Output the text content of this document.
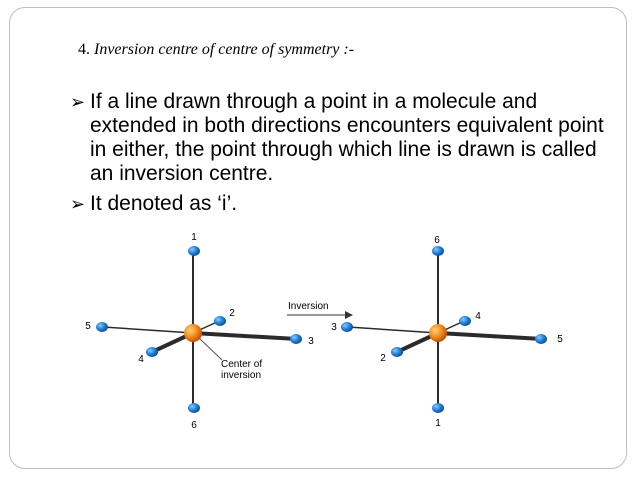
4. Inversion centre of centre of symmetry :-
➢ If a line drawn through a point in a molecule and extended in both directions encounters equivalent point in either, the point through which line is drawn is called an inversion centre.
➢ It denoted as ‘i’.
1
2
3
4
5
6
Center of
inversion
Inversion
6
4
5
2
3
1
